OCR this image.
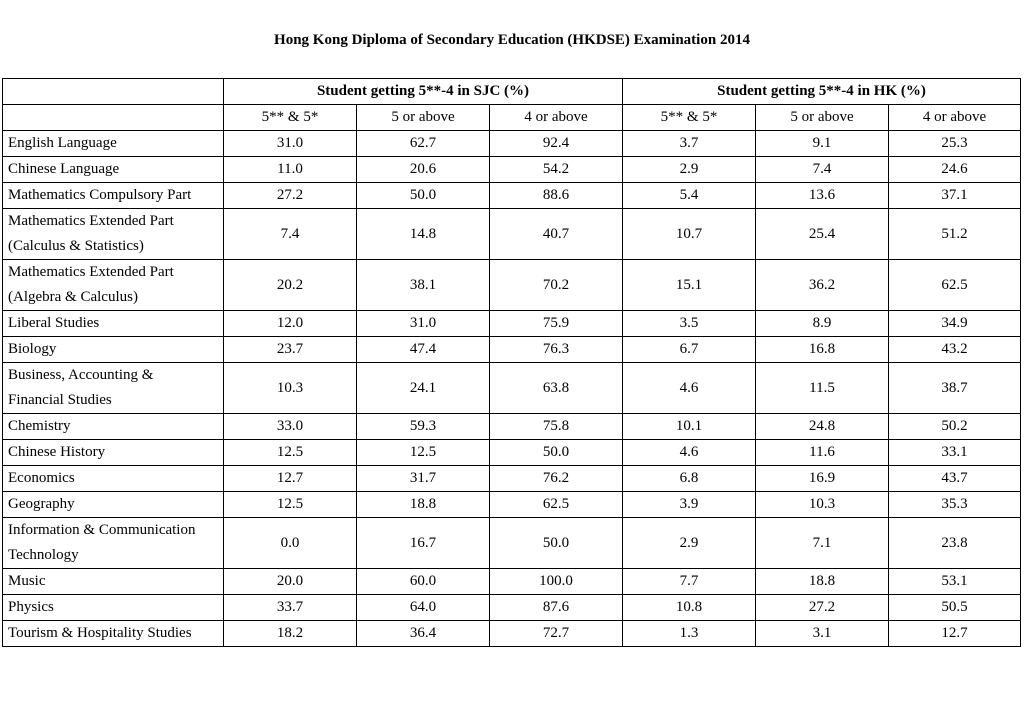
Hong Kong Diploma of Secondary Education (HKDSE) Examination 2014
	Student getting 5**-4 in SJC (%)			Student getting 5**-4 in HK (%)		
	5** & 5*	5 or above	4 or above	5** & 5*	5 or above	4 or above
English Language	31.0	62.7	92.4	3.7	9.1	25.3
Chinese Language	11.0	20.6	54.2	2.9	7.4	24.6
Mathematics Compulsory Part	27.2	50.0	88.6	5.4	13.6	37.1
Mathematics Extended Part
(Calculus & Statistics)	7.4	14.8	40.7	10.7	25.4	51.2
Mathematics Extended Part
(Algebra & Calculus)	20.2	38.1	70.2	15.1	36.2	62.5
Liberal Studies	12.0	31.0	75.9	3.5	8.9	34.9
Biology	23.7	47.4	76.3	6.7	16.8	43.2
Business, Accounting &
Financial Studies	10.3	24.1	63.8	4.6	11.5	38.7
Chemistry	33.0	59.3	75.8	10.1	24.8	50.2
Chinese History	12.5	12.5	50.0	4.6	11.6	33.1
Economics	12.7	31.7	76.2	6.8	16.9	43.7
Geography	12.5	18.8	62.5	3.9	10.3	35.3
Information & Communication
Technology	0.0	16.7	50.0	2.9	7.1	23.8
Music	20.0	60.0	100.0	7.7	18.8	53.1
Physics	33.7	64.0	87.6	10.8	27.2	50.5
Tourism & Hospitality Studies	18.2	36.4	72.7	1.3	3.1	12.7
